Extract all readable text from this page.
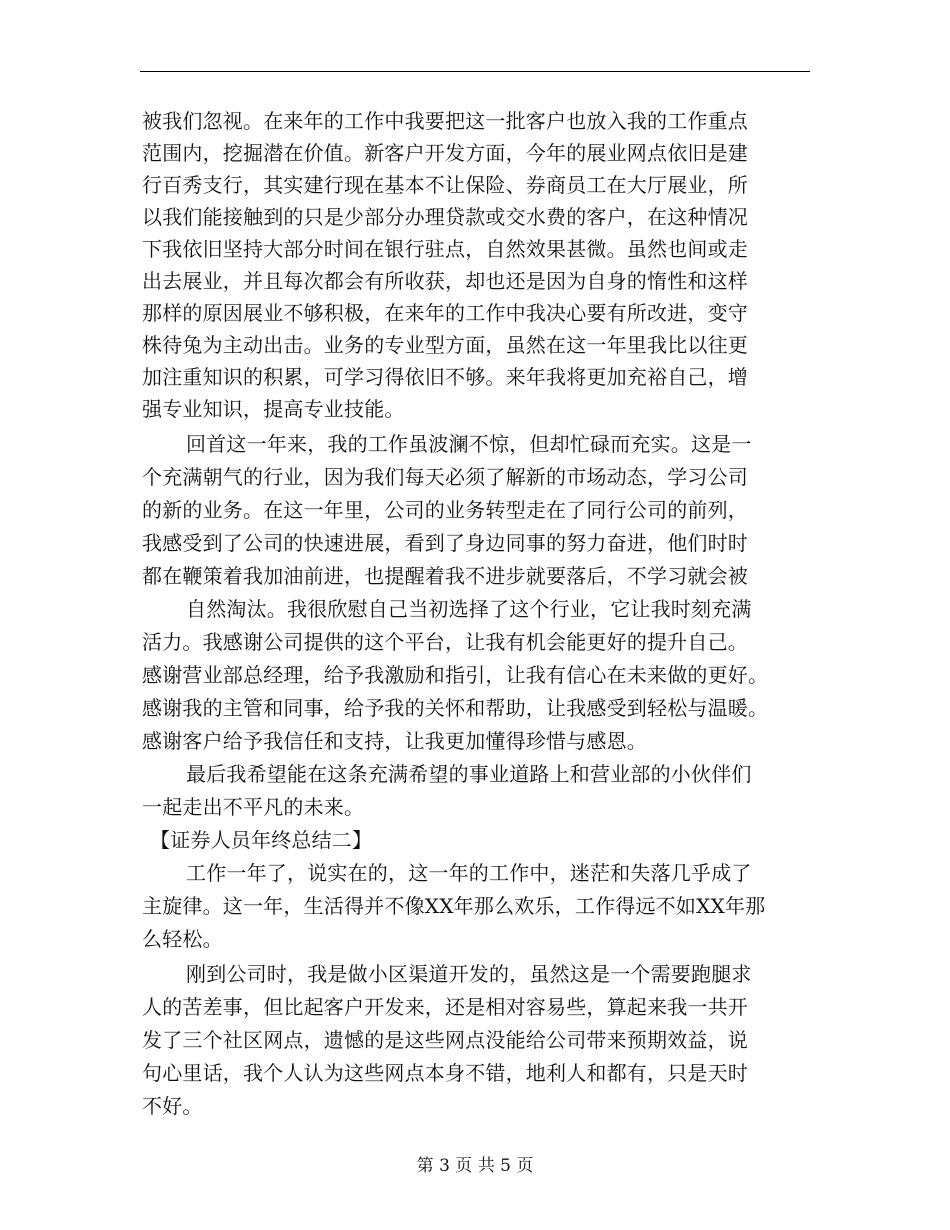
被我们忽视。在来年的工作中我要把这一批客户也放入我的工作重点
范围内，挖掘潜在价值。新客户开发方面，今年的展业网点依旧是建
行百秀支行，其实建行现在基本不让保险、券商员工在大厅展业，所
以我们能接触到的只是少部分办理贷款或交水费的客户，在这种情况
下我依旧坚持大部分时间在银行驻点，自然效果甚微。虽然也间或走
出去展业，并且每次都会有所收获，却也还是因为自身的惰性和这样
那样的原因展业不够积极，在来年的工作中我决心要有所改进，变守
株待兔为主动出击。业务的专业型方面，虽然在这一年里我比以往更
加注重知识的积累，可学习得依旧不够。来年我将更加充裕自己，增
强专业知识，提高专业技能。
回首这一年来，我的工作虽波澜不惊，但却忙碌而充实。这是一
个充满朝气的行业，因为我们每天必须了解新的市场动态，学习公司
的新的业务。在这一年里，公司的业务转型走在了同行公司的前列，
我感受到了公司的快速进展，看到了身边同事的努力奋进，他们时时
都在鞭策着我加油前进，也提醒着我不进步就要落后，不学习就会被
自然淘汰。我很欣慰自己当初选择了这个行业，它让我时刻充满
活力。我感谢公司提供的这个平台，让我有机会能更好的提升自己。
感谢营业部总经理，给予我激励和指引，让我有信心在未来做的更好。
感谢我的主管和同事，给予我的关怀和帮助，让我感受到轻松与温暖。
感谢客户给予我信任和支持，让我更加懂得珍惜与感恩。
最后我希望能在这条充满希望的事业道路上和营业部的小伙伴们
一起走出不平凡的未来。
【证券人员年终总结二】
工作一年了，说实在的，这一年的工作中，迷茫和失落几乎成了
主旋律。这一年，生活得并不像XX年那么欢乐，工作得远不如XX年那
么轻松。
刚到公司时，我是做小区渠道开发的，虽然这是一个需要跑腿求
人的苦差事，但比起客户开发来，还是相对容易些，算起来我一共开
发了三个社区网点，遗憾的是这些网点没能给公司带来预期效益，说
句心里话，我个人认为这些网点本身不错，地利人和都有，只是天时
不好。
第 3 页 共 5 页
